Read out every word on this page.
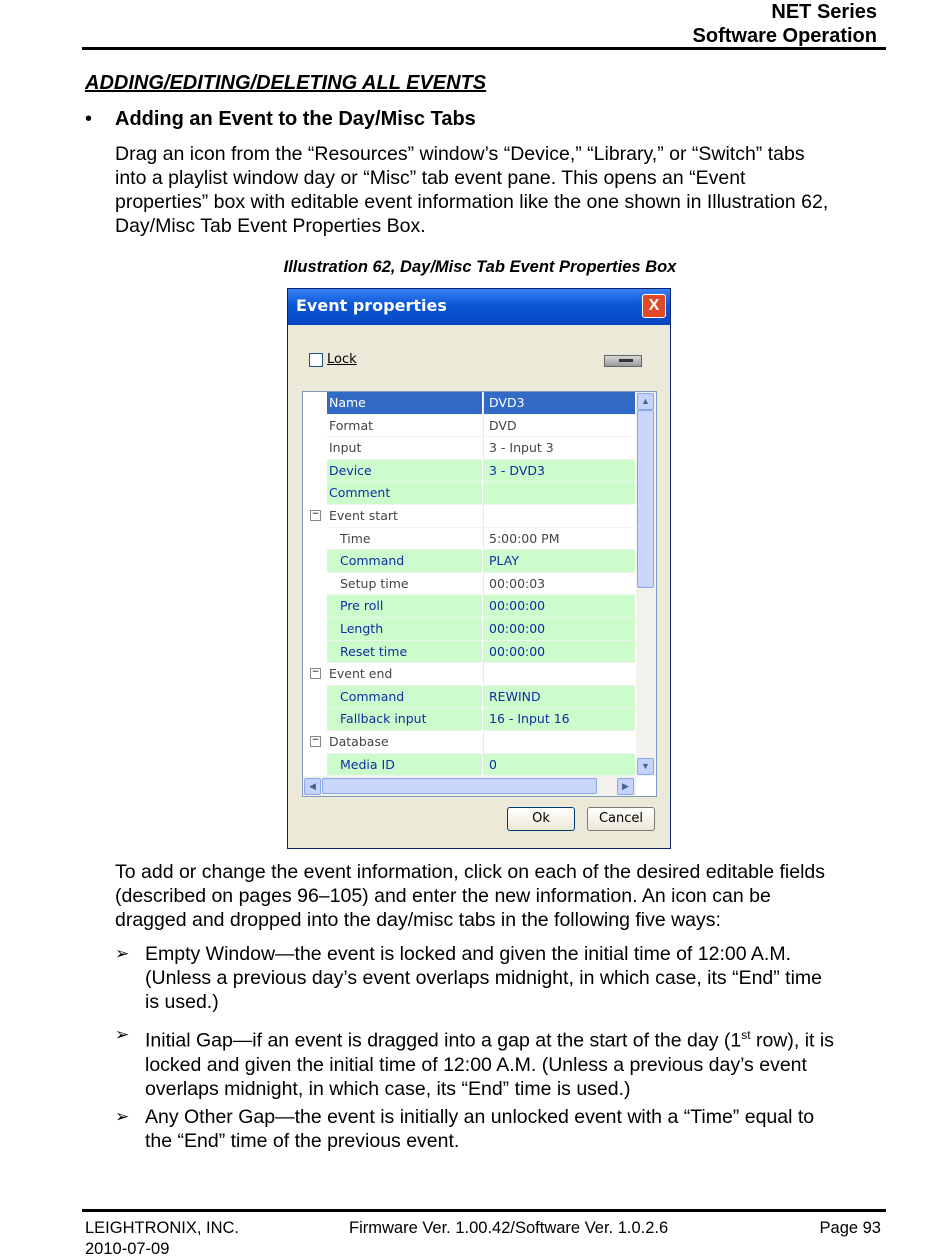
NET Series
Software Operation
ADDING/EDITING/DELETING ALL EVENTS
• Adding an Event to the Day/Misc Tabs
Drag an icon from the “Resources” window’s “Device,” “Library,” or “Switch” tabs
into a playlist window day or “Misc” tab event pane. This opens an “Event
properties” box with editable event information like the one shown in Illustration 62,
Day/Misc Tab Event Properties Box.
Illustration 62, Day/Misc Tab Event Properties Box
Event properties	X
Lock
Name	DVD3
Format	DVD
Input	3 - Input 3
Device	3 - DVD3
Comment
− Event start
Time	5:00:00 PM
Command	PLAY
Setup time	00:00:03
Pre roll	00:00:00
Length	00:00:00
Reset time	00:00:00
− Event end
Command	REWIND
Fallback input	16 - Input 16
− Database
Media ID	0
▲
▼
◀	▶
Ok	Cancel
To add or change the event information, click on each of the desired editable fields
(described on pages 96–105) and enter the new information. An icon can be
dragged and dropped into the day/misc tabs in the following five ways:
➢ Empty Window—the event is locked and given the initial time of 12:00 A.M.
(Unless a previous day’s event overlaps midnight, in which case, its “End” time
is used.)
➢ Initial Gap—if an event is dragged into a gap at the start of the day (1st row), it is
locked and given the initial time of 12:00 A.M. (Unless a previous day’s event
overlaps midnight, in which case, its “End” time is used.)
➢ Any Other Gap—the event is initially an unlocked event with a “Time” equal to
the “End” time of the previous event.
LEIGHTRONIX, INC.
2010-07-09
Firmware Ver. 1.00.42/Software Ver. 1.0.2.6	Page 93
